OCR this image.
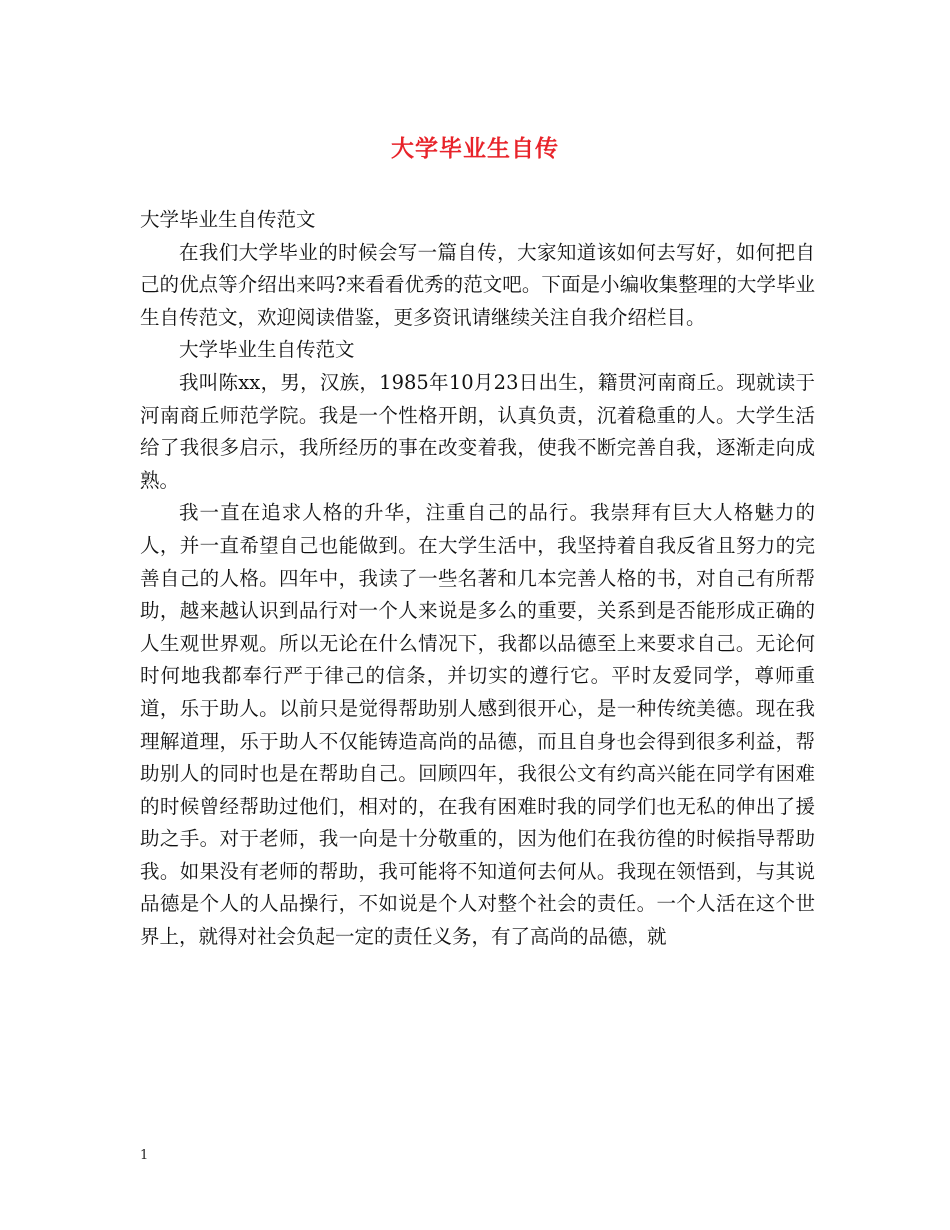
大学毕业生自传

大学毕业生自传范文

在我们大学毕业的时候会写一篇自传，大家知道该如何去写好，如何把自己的优点等介绍出来吗?来看看优秀的范文吧。下面是小编收集整理的大学毕业生自传范文，欢迎阅读借鉴，更多资讯请继续关注自我介绍栏目。

大学毕业生自传范文

我叫陈xx，男，汉族，1985年10月23日出生，籍贯河南商丘。现就读于河南商丘师范学院。我是一个性格开朗，认真负责，沉着稳重的人。大学生活给了我很多启示，我所经历的事在改变着我，使我不断完善自我，逐渐走向成熟。

我一直在追求人格的升华，注重自己的品行。我崇拜有巨大人格魅力的人，并一直希望自己也能做到。在大学生活中，我坚持着自我反省且努力的完善自己的人格。四年中，我读了一些名著和几本完善人格的书，对自己有所帮助，越来越认识到品行对一个人来说是多么的重要，关系到是否能形成正确的人生观世界观。所以无论在什么情况下，我都以品德至上来要求自己。无论何时何地我都奉行严于律己的信条，并切实的遵行它。平时友爱同学，尊师重道，乐于助人。以前只是觉得帮助别人感到很开心，是一种传统美德。现在我理解道理，乐于助人不仅能铸造高尚的品德，而且自身也会得到很多利益，帮助别人的同时也是在帮助自己。回顾四年，我很公文有约高兴能在同学有困难的时候曾经帮助过他们，相对的，在我有困难时我的同学们也无私的伸出了援助之手。对于老师，我一向是十分敬重的，因为他们在我彷徨的时候指导帮助我。如果没有老师的帮助，我可能将不知道何去何从。我现在领悟到，与其说品德是个人的人品操行，不如说是个人对整个社会的责任。一个人活在这个世界上，就得对社会负起一定的责任义务，有了高尚的品德，就

1
